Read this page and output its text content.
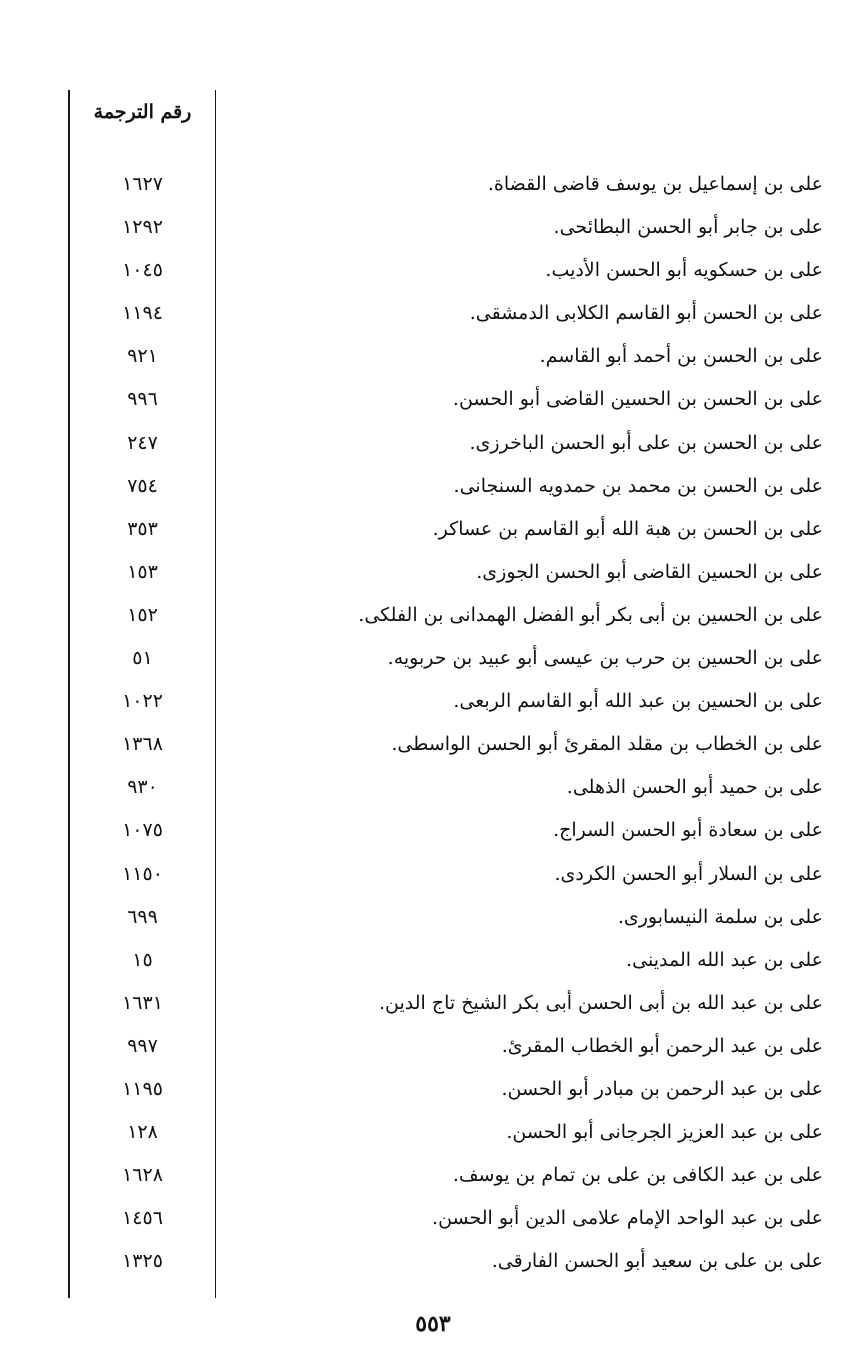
رقم الترجمة
على بن إسماعيل بن يوسف قاضى القضاة.
١٦٢٧
على بن جابر أبو الحسن البطائحى.
١٢٩٢
على بن حسكويه أبو الحسن الأديب.
١٠٤٥
على بن الحسن أبو القاسم الكلابى الدمشقى.
١١٩٤
على بن الحسن بن أحمد أبو القاسم.
٩٢١
على بن الحسن بن الحسين القاضى أبو الحسن.
٩٩٦
على بن الحسن بن على أبو الحسن الباخرزى.
٢٤٧
على بن الحسن بن محمد بن حمدويه السنجانى.
٧٥٤
على بن الحسن بن هبة الله أبو القاسم بن عساكر.
٣٥٣
على بن الحسين القاضى أبو الحسن الجوزى.
١٥٣
على بن الحسين بن أبى بكر أبو الفضل الهمدانى بن الفلكى.
١٥٢
على بن الحسين بن حرب بن عيسى أبو عبيد بن حربويه.
٥١
على بن الحسين بن عبد الله أبو القاسم الربعى.
١٠٢٢
على بن الخطاب بن مقلد المقرئ أبو الحسن الواسطى.
١٣٦٨
على بن حميد أبو الحسن الذهلى.
٩٣٠
على بن سعادة أبو الحسن السراج.
١٠٧٥
على بن السلار أبو الحسن الكردى.
١١٥٠
على بن سلمة النيسابورى.
٦٩٩
على بن عبد الله المدينى.
١٥
على بن عبد الله بن أبى الحسن أبى بكر الشيخ تاج الدين.
١٦٣١
على بن عبد الرحمن أبو الخطاب المقرئ.
٩٩٧
على بن عبد الرحمن بن مبادر أبو الحسن.
١١٩٥
على بن عبد العزيز الجرجانى أبو الحسن.
١٢٨
على بن عبد الكافى بن على بن تمام بن يوسف.
١٦٢٨
على بن عبد الواحد الإمام علامى الدين أبو الحسن.
١٤٥٦
على بن على بن سعيد أبو الحسن الفارقى.
١٣٢٥
٥٥٣
